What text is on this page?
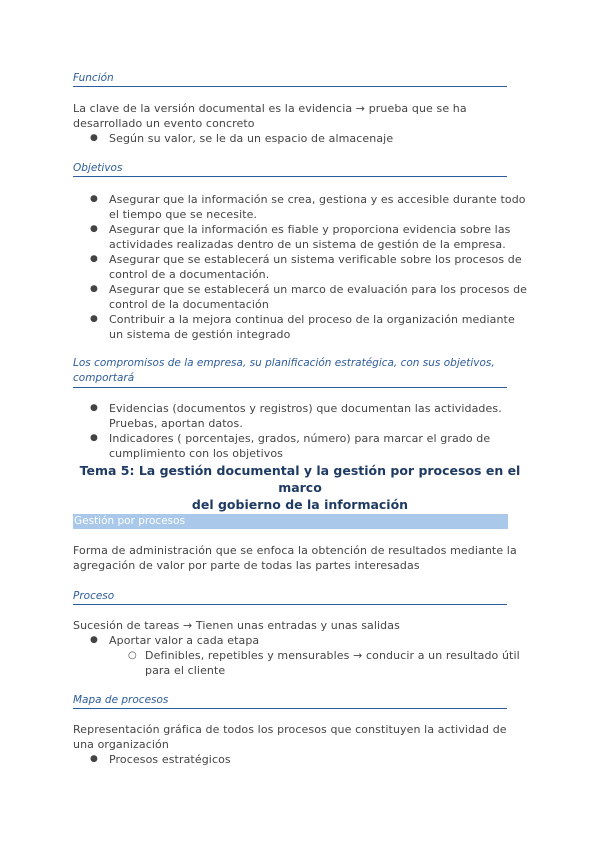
Función
La clave de la versión documental es la evidencia → prueba que se ha desarrollado un evento concreto
● Según su valor, se le da un espacio de almacenaje
Objetivos
● Asegurar que la información se crea, gestiona y es accesible durante todo el tiempo que se necesite.
● Asegurar que la información es fiable y proporciona evidencia sobre las actividades realizadas dentro de un sistema de gestión de la empresa.
● Asegurar que se establecerá un sistema verificable sobre los procesos de control de a documentación.
● Asegurar que se establecerá un marco de evaluación para los procesos de control de la documentación
● Contribuir a la mejora continua del proceso de la organización mediante un sistema de gestión integrado
Los compromisos de la empresa, su planificación estratégica, con sus objetivos, comportará
● Evidencias (documentos y registros) que documentan las actividades. Pruebas, aportan datos.
● Indicadores ( porcentajes, grados, número) para marcar el grado de cumplimiento con los objetivos
Tema 5: La gestión documental y la gestión por procesos en el marco
del gobierno de la información
Gestión por procesos
Forma de administración que se enfoca la obtención de resultados mediante la agregación de valor por parte de todas las partes interesadas
Proceso
Sucesión de tareas → Tienen unas entradas y unas salidas
● Aportar valor a cada etapa
○ Definibles, repetibles y mensurables → conducir a un resultado útil para el cliente
Mapa de procesos
Representación gráfica de todos los procesos que constituyen la actividad de una organización
● Procesos estratégicos
